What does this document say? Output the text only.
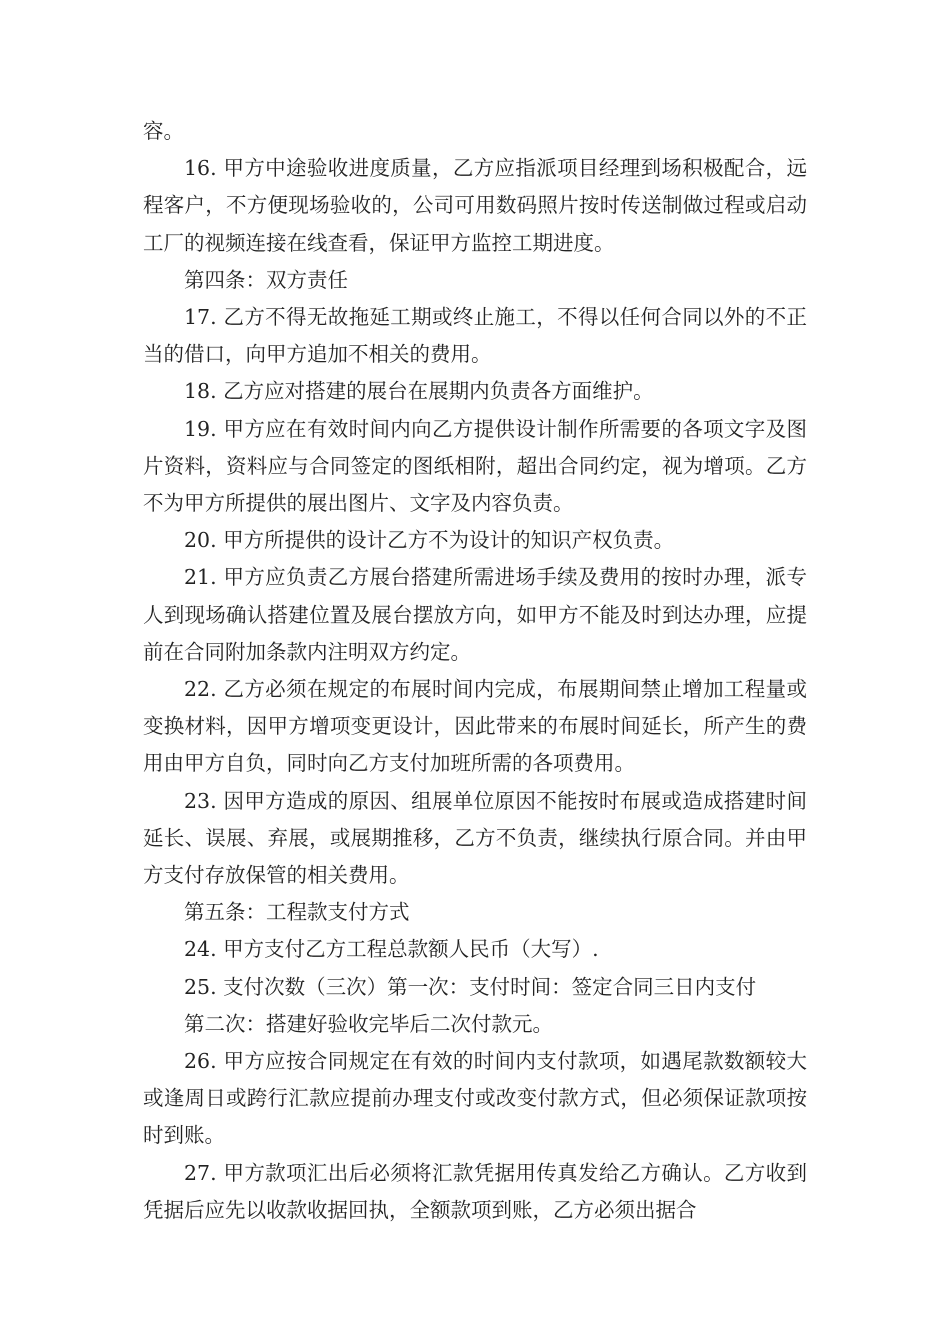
容。

16. 甲方中途验收进度质量，乙方应指派项目经理到场积极配合，远程客户，不方便现场验收的，公司可用数码照片按时传送制做过程或启动工厂的视频连接在线查看，保证甲方监控工期进度。

第四条：双方责任

17. 乙方不得无故拖延工期或终止施工，不得以任何合同以外的不正当的借口，向甲方追加不相关的费用。

18. 乙方应对搭建的展台在展期内负责各方面维护。

19. 甲方应在有效时间内向乙方提供设计制作所需要的各项文字及图片资料，资料应与合同签定的图纸相附，超出合同约定，视为增项。乙方不为甲方所提供的展出图片、文字及内容负责。

20. 甲方所提供的设计乙方不为设计的知识产权负责。

21. 甲方应负责乙方展台搭建所需进场手续及费用的按时办理，派专人到现场确认搭建位置及展台摆放方向，如甲方不能及时到达办理，应提前在合同附加条款内注明双方约定。

22. 乙方必须在规定的布展时间内完成，布展期间禁止增加工程量或变换材料，因甲方增项变更设计，因此带来的布展时间延长，所产生的费用由甲方自负，同时向乙方支付加班所需的各项费用。

23. 因甲方造成的原因、组展单位原因不能按时布展或造成搭建时间延长、误展、弃展，或展期推移，乙方不负责，继续执行原合同。并由甲方支付存放保管的相关费用。

第五条：工程款支付方式

24. 甲方支付乙方工程总款额人民币（大写）.

25. 支付次数（三次）第一次：支付时间：签定合同三日内支付

第二次：搭建好验收完毕后二次付款元。

26. 甲方应按合同规定在有效的时间内支付款项，如遇尾款数额较大或逢周日或跨行汇款应提前办理支付或改变付款方式，但必须保证款项按时到账。

27. 甲方款项汇出后必须将汇款凭据用传真发给乙方确认。乙方收到凭据后应先以收款收据回执，全额款项到账，乙方必须出据合
